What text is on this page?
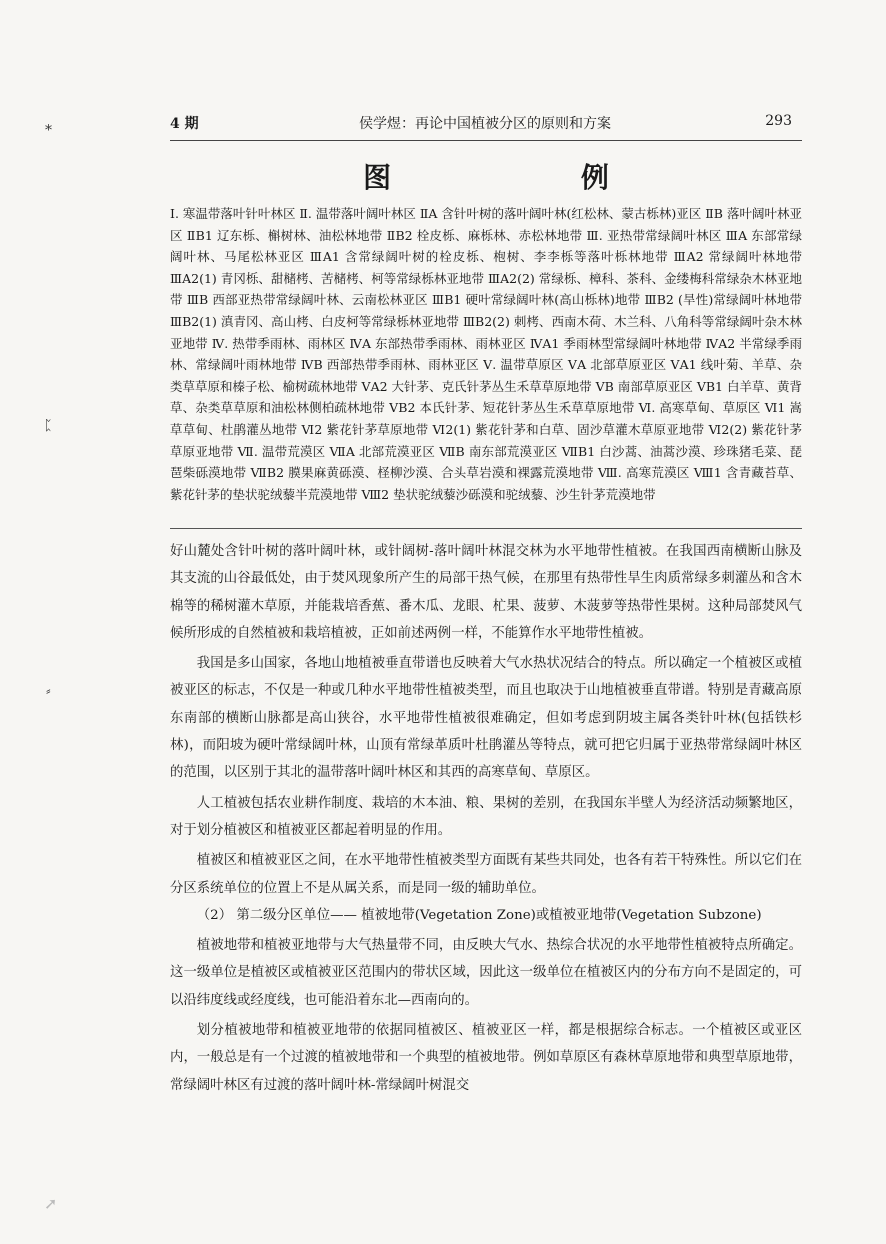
侯学煜：再论中国植被分区的原则和方案
4 期	293
图 例
Ⅰ. 寒温带落叶针叶林区 Ⅱ. 温带落叶阔叶林区 ⅡA 含针叶树的落叶阔叶林(红松林、蒙古栎林)亚区 ⅡB 落叶阔叶林亚区 ⅡB1 辽东栎、槲树林、油松林地带 ⅡB2 栓皮栎、麻栎林、赤松林地带 Ⅲ. 亚热带常绿阔叶林区 ⅢA 东部常绿阔叶林、马尾松林亚区 ⅢA1 含常绿阔叶树的栓皮栎、枹树、李李栎等落叶栎林地带 ⅢA2 常绿阔叶林地带 ⅢA2(1) 青冈栎、甜槠栲、苦槠栲、柯等常绿栎林亚地带 ⅢA2(2) 常绿栎、樟科、茶科、金缕梅科常绿杂木林亚地带 ⅢB 西部亚热带常绿阔叶林、云南松林亚区 ⅢB1 硬叶常绿阔叶林(高山栎林)地带 ⅢB2 (旱性)常绿阔叶林地带 ⅢB2(1) 滇青冈、高山栲、白皮柯等常绿栎林亚地带 ⅢB2(2) 刺栲、西南木荷、木兰科、八角科等常绿阔叶杂木林亚地带 Ⅳ. 热带季雨林、雨林区 ⅣA 东部热带季雨林、雨林亚区 ⅣA1 季雨林型常绿阔叶林地带 ⅣA2 半常绿季雨林、常绿阔叶雨林地带 ⅣB 西部热带季雨林、雨林亚区 Ⅴ. 温带草原区 ⅤA 北部草原亚区 ⅤA1 线叶菊、羊草、杂类草草原和榛子松、榆树疏林地带 ⅤA2 大针茅、克氏针茅丛生禾草草原地带 ⅤB 南部草原亚区 ⅤB1 白羊草、黄背草、杂类草草原和油松林侧柏疏林地带 ⅤB2 本氏针茅、短花针茅丛生禾草草原地带 Ⅵ. 高寒草甸、草原区 Ⅵ1 嵩草草甸、杜鹃灌丛地带 Ⅵ2 紫花针茅草原地带 Ⅵ2(1) 紫花针茅和白草、固沙草灌木草原亚地带 Ⅵ2(2) 紫花针茅草原亚地带 Ⅶ. 温带荒漠区 ⅦA 北部荒漠亚区 ⅦB 南东部荒漠亚区 ⅦB1 白沙蒿、油蒿沙漠、珍珠猪毛菜、琵琶柴砾漠地带 ⅦB2 膜果麻黄砾漠、柽柳沙漠、合头草岩漠和裸露荒漠地带 Ⅷ. 高寒荒漠区 Ⅷ1 含青藏苔草、紫花针茅的垫状驼绒藜半荒漠地带 Ⅷ2 垫状驼绒藜沙砾漠和驼绒藜、沙生针茅荒漠地带

好山麓处含针叶树的落叶阔叶林，或针阔树-落叶阔叶林混交林为水平地带性植被。在我国西南横断山脉及其支流的山谷最低处，由于焚风现象所产生的局部干热气候，在那里有热带性旱生肉质常绿多刺灌丛和含木棉等的稀树灌木草原，并能栽培香蕉、番木瓜、龙眼、杧果、菠萝、木菠萝等热带性果树。这种局部焚风气候所形成的自然植被和栽培植被，正如前述两例一样，不能算作水平地带性植被。

我国是多山国家，各地山地植被垂直带谱也反映着大气水热状况结合的特点。所以确定一个植被区或植被亚区的标志，不仅是一种或几种水平地带性植被类型，而且也取决于山地植被垂直带谱。特别是青藏高原东南部的横断山脉都是高山狭谷，水平地带性植被很难确定，但如考虑到阴坡主属各类针叶林(包括铁杉林)，而阳坡为硬叶常绿阔叶林，山顶有常绿革质叶杜鹃灌丛等特点，就可把它归属于亚热带常绿阔叶林区的范围，以区别于其北的温带落叶阔叶林区和其西的高寒草甸、草原区。

人工植被包括农业耕作制度、栽培的木本油、粮、果树的差别，在我国东半壁人为经济活动频繁地区，对于划分植被区和植被亚区都起着明显的作用。

植被区和植被亚区之间，在水平地带性植被类型方面既有某些共同处，也各有若干特殊性。所以它们在分区系统单位的位置上不是从属关系，而是同一级的辅助单位。

（2） 第二级分区单位—— 植被地带(Vegetation Zone)或植被亚地带(Vegetation Subzone)

植被地带和植被亚地带与大气热量带不同，由反映大气水、热综合状况的水平地带性植被特点所确定。这一级单位是植被区或植被亚区范围内的带状区域，因此这一级单位在植被区内的分布方向不是固定的，可以沿纬度线或经度线，也可能沿着东北—西南向的。

划分植被地带和植被亚地带的依据同植被区、植被亚区一样，都是根据综合标志。一个植被区或亚区内，一般总是有一个过渡的植被地带和一个典型的植被地带。例如草原区有森林草原地带和典型草原地带，常绿阔叶林区有过渡的落叶阔叶林-常绿阔叶树混交

⁎
ᛈ
⸗
➚
